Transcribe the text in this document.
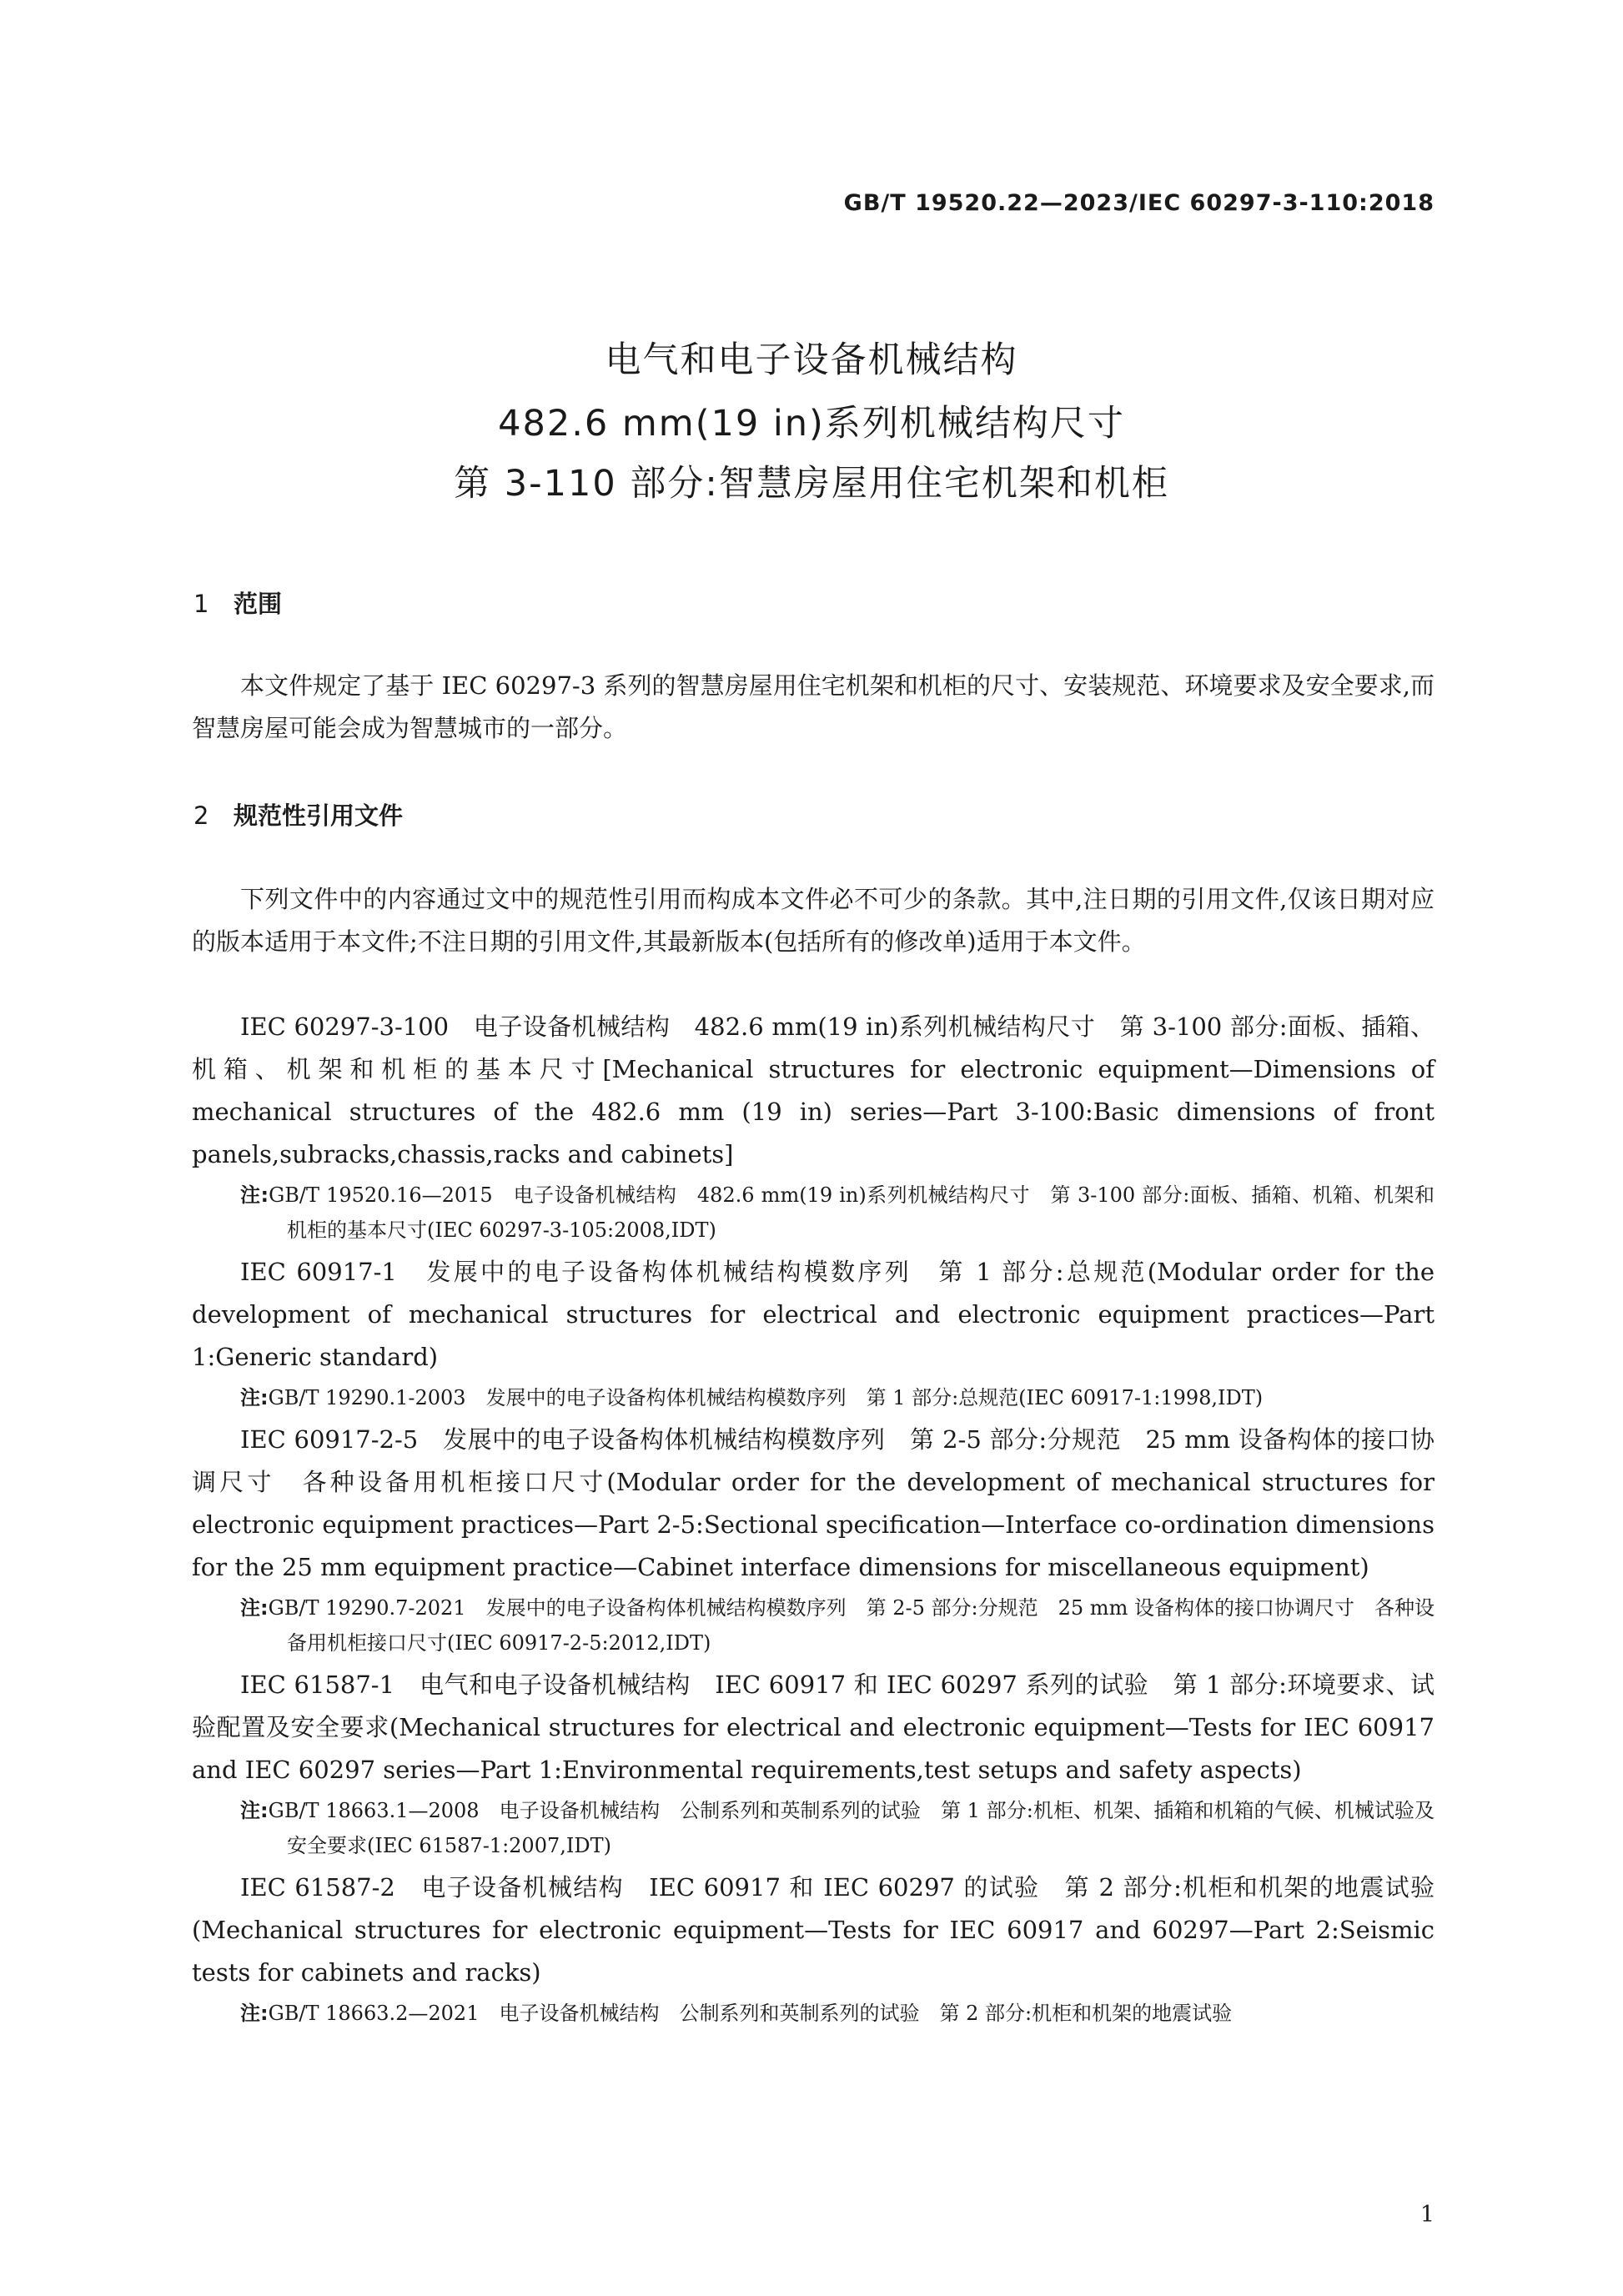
GB/T 19520.22—2023/IEC 60297-3-110:2018
电气和电子设备机械结构
482.6 mm(19 in)系列机械结构尺寸
第 3-110 部分:智慧房屋用住宅机架和机柜
1 范围

本文件规定了基于 IEC 60297-3 系列的智慧房屋用住宅机架和机柜的尺寸、安装规范、环境要求及安全要求,而智慧房屋可能会成为智慧城市的一部分。

2 规范性引用文件

下列文件中的内容通过文中的规范性引用而构成本文件必不可少的条款。其中,注日期的引用文件,仅该日期对应的版本适用于本文件;不注日期的引用文件,其最新版本(包括所有的修改单)适用于本文件。

IEC 60297-3-100　电子设备机械结构　482.6 mm(19 in)系列机械结构尺寸　第 3-100 部分:面板、插箱、机箱、机架和机柜的基本尺寸[Mechanical structures for electronic equipment—Dimensions of mechanical structures of the 482.6 mm (19 in) series—Part 3-100:Basic dimensions of front panels,subracks,chassis,racks and cabinets]

注:GB/T 19520.16—2015　电子设备机械结构　482.6 mm(19 in)系列机械结构尺寸　第 3-100 部分:面板、插箱、机箱、机架和机柜的基本尺寸(IEC 60297-3-105:2008,IDT)

IEC 60917-1　发展中的电子设备构体机械结构模数序列　第 1 部分:总规范(Modular order for the development of mechanical structures for electrical and electronic equipment practices—Part 1:Generic standard)

注:GB/T 19290.1-2003　发展中的电子设备构体机械结构模数序列　第 1 部分:总规范(IEC 60917-1:1998,IDT)

IEC 60917-2-5　发展中的电子设备构体机械结构模数序列　第 2-5 部分:分规范　25 mm 设备构体的接口协调尺寸　各种设备用机柜接口尺寸(Modular order for the development of mechanical structures for electronic equipment practices—Part 2-5:Sectional specification—Interface co-ordination dimensions for the 25 mm equipment practice—Cabinet interface dimensions for miscellaneous equipment)

注:GB/T 19290.7-2021　发展中的电子设备构体机械结构模数序列　第 2-5 部分:分规范　25 mm 设备构体的接口协调尺寸　各种设备用机柜接口尺寸(IEC 60917-2-5:2012,IDT)

IEC 61587-1　电气和电子设备机械结构　IEC 60917 和 IEC 60297 系列的试验　第 1 部分:环境要求、试验配置及安全要求(Mechanical structures for electrical and electronic equipment—Tests for IEC 60917 and IEC 60297 series—Part 1:Environmental requirements,test setups and safety aspects)

注:GB/T 18663.1—2008　电子设备机械结构　公制系列和英制系列的试验　第 1 部分:机柜、机架、插箱和机箱的气候、机械试验及安全要求(IEC 61587-1:2007,IDT)

IEC 61587-2　电子设备机械结构　IEC 60917 和 IEC 60297 的试验　第 2 部分:机柜和机架的地震试验(Mechanical structures for electronic equipment—Tests for IEC 60917 and 60297—Part 2:Seismic tests for cabinets and racks)

注:GB/T 18663.2—2021　电子设备机械结构　公制系列和英制系列的试验　第 2 部分:机柜和机架的地震试验

1
